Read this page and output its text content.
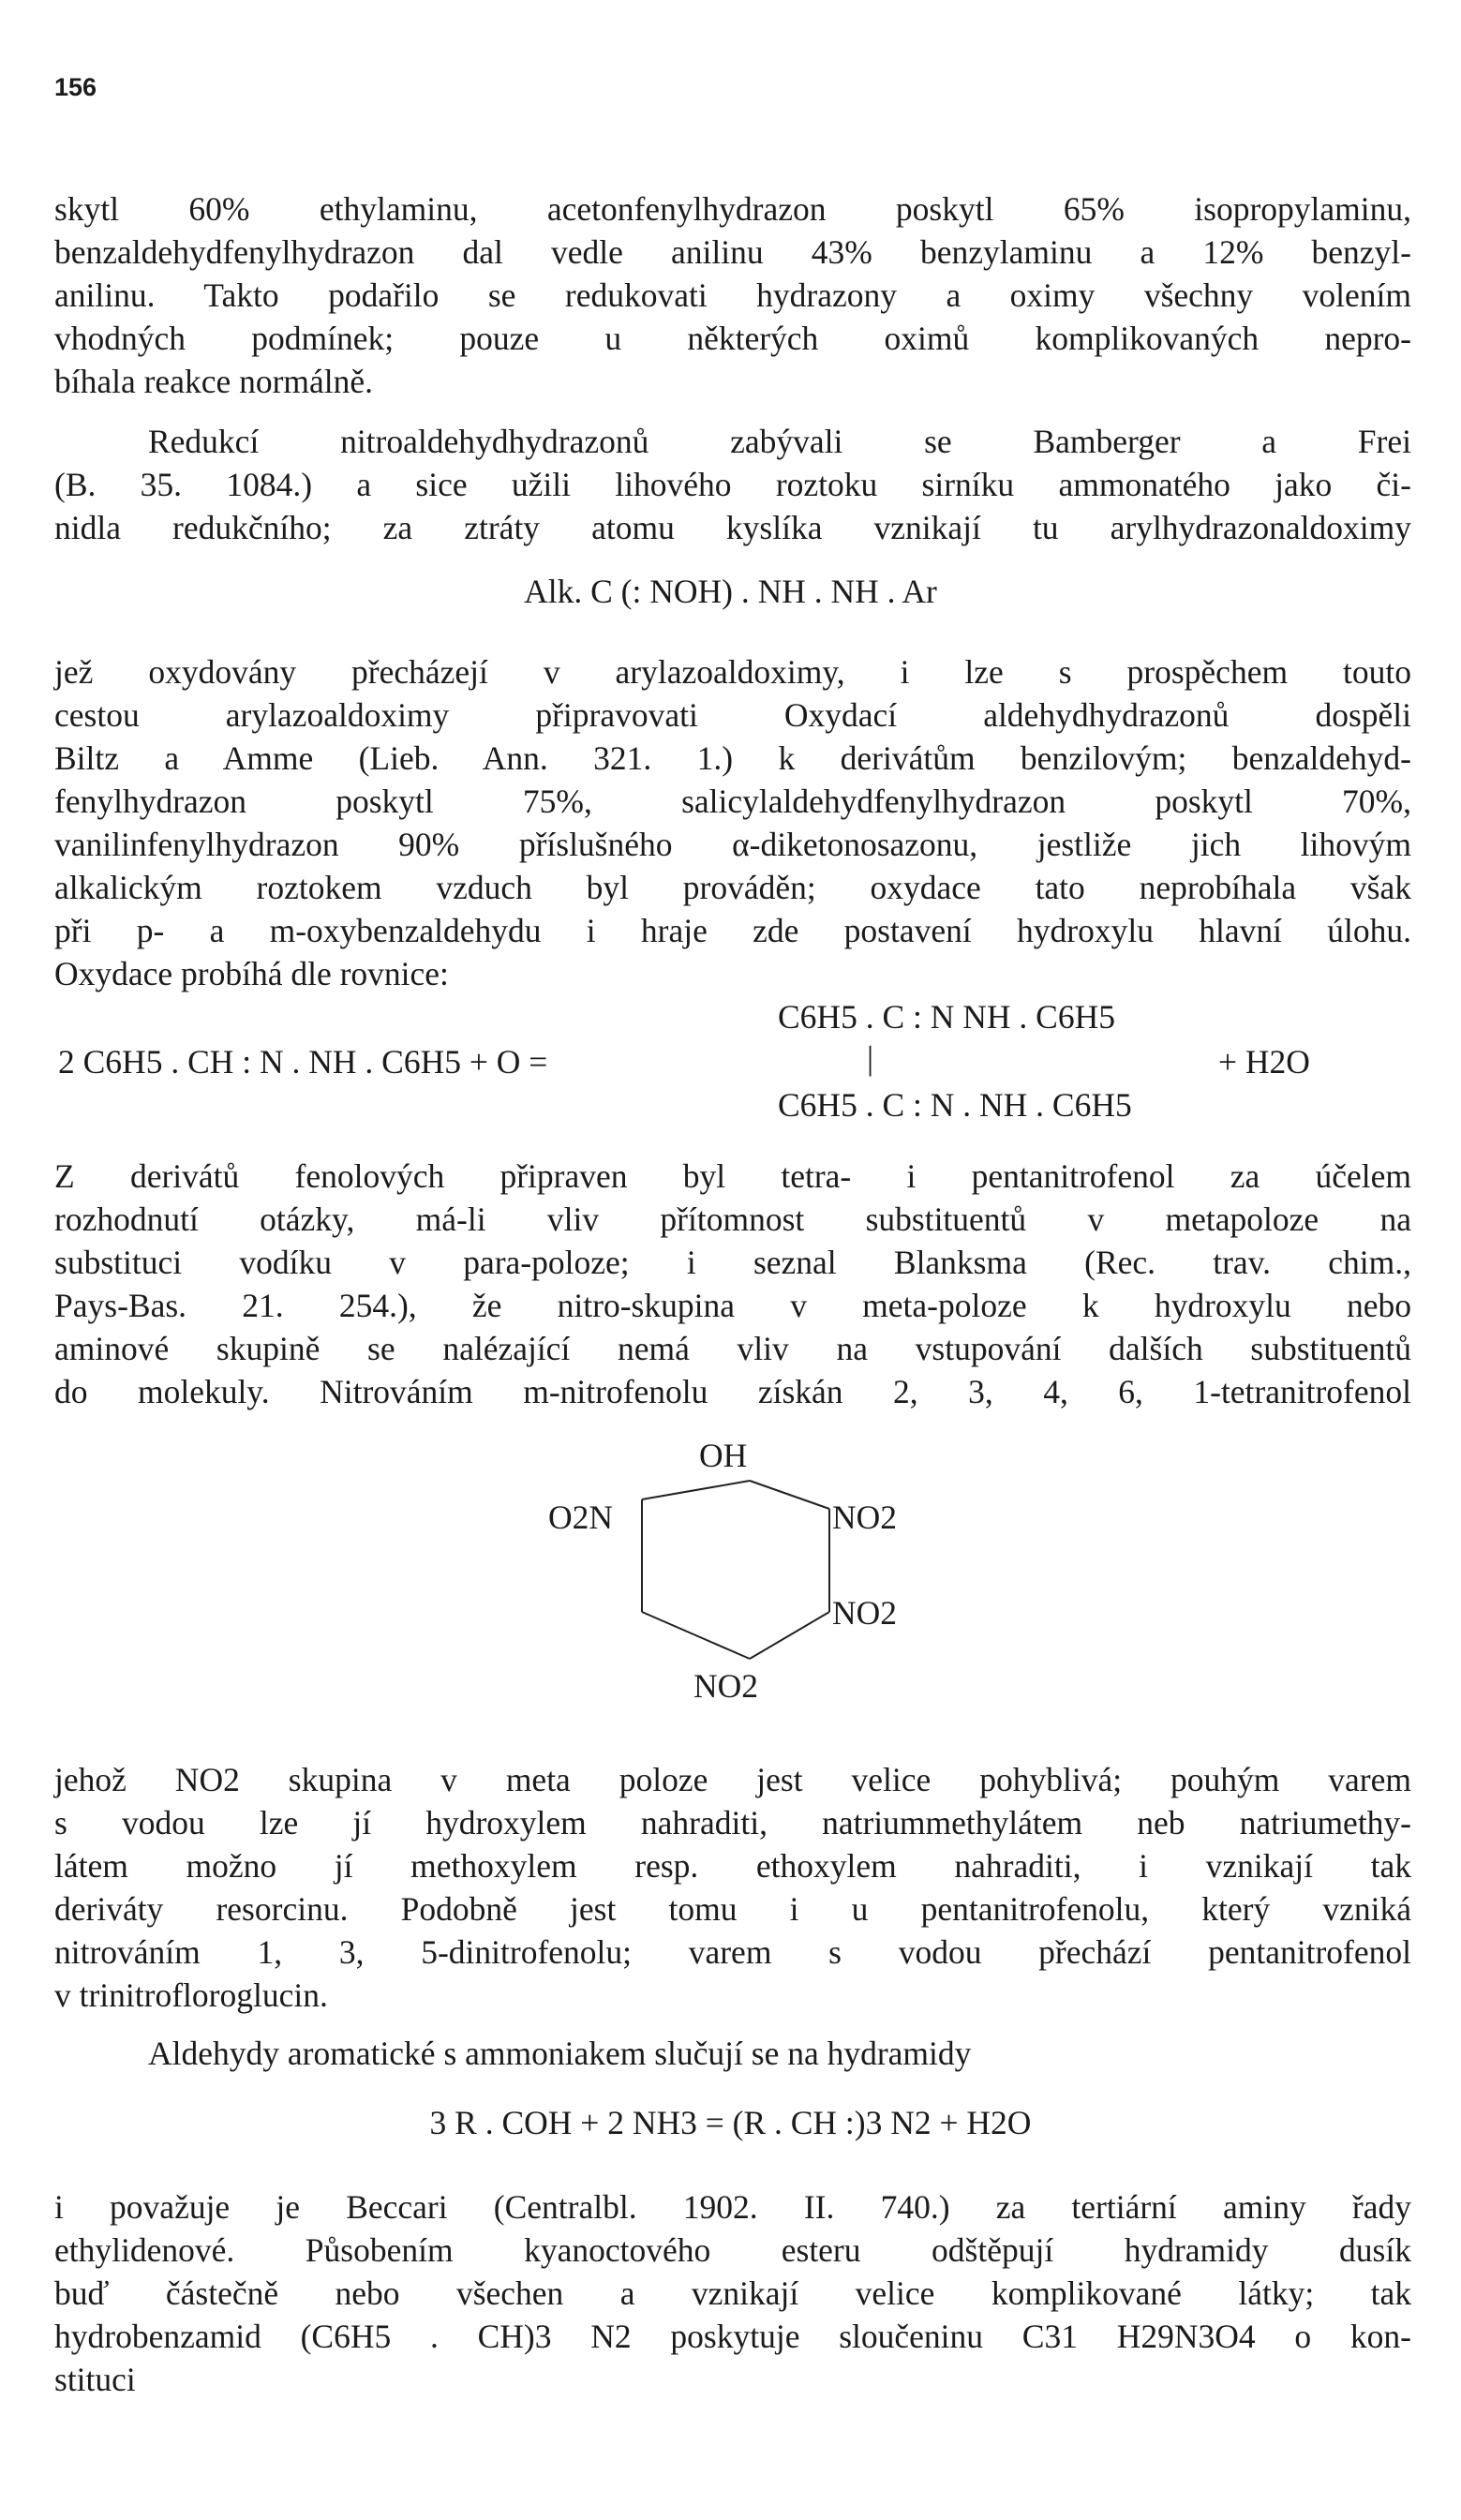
156
skytl 60% ethylaminu, acetonfenylhydrazon poskytl 65% isopropylaminu,
benzaldehydfenylhydrazon dal vedle anilinu 43% benzylaminu a 12% benzyl-
anilinu. Takto podařilo se redukovati hydrazony a oximy všechny volením
vhodných podmínek; pouze u některých oximů komplikovaných nepro-
bíhala reakce normálně.
Redukcí nitroaldehydhydrazonů zabývali se Bamberger a Frei
(B. 35. 1084.) a sice užili lihového roztoku sirníku ammonatého jako či-
nidla redukčního; za ztráty atomu kyslíka vznikají tu arylhydrazonaldoximy
Alk. C (: NOH) . NH . NH . Ar
jež oxydovány přecházejí v arylazoaldoximy, i lze s prospěchem touto
cestou arylazoaldoximy připravovati Oxydací aldehydhydrazonů dospěli
Biltz a Amme (Lieb. Ann. 321. 1.) k derivátům benzilovým; benzaldehyd-
fenylhydrazon poskytl 75%, salicylaldehydfenylhydrazon poskytl 70%,
vanilinfenylhydrazon 90% příslušného α-diketonosazonu, jestliže jich lihovým
alkalickým roztokem vzduch byl prováděn; oxydace tato neprobíhala však
při p- a m-oxybenzaldehydu i hraje zde postavení hydroxylu hlavní úlohu.
Oxydace probíhá dle rovnice:
C6H5 . C : N NH . C6H5
2 C6H5 . CH : N . NH . C6H5 + O =	|	+ H2O
C6H5 . C : N . NH . C6H5
Z derivátů fenolových připraven byl tetra- i pentanitrofenol za účelem
rozhodnutí otázky, má-li vliv přítomnost substituentů v metapoloze na
substituci vodíku v para-poloze; i seznal Blanksma (Rec. trav. chim.,
Pays-Bas. 21. 254.), že nitro-skupina v meta-poloze k hydroxylu nebo
aminové skupině se nalézající nemá vliv na vstupování dalších substituentů
do molekuly. Nitrováním m-nitrofenolu získán 2, 3, 4, 6, 1-tetranitrofenol
OH
O2N	NO2
NO2
NO2
jehož NO2 skupina v meta poloze jest velice pohyblivá; pouhým varem
s vodou lze jí hydroxylem nahraditi, natriummethylátem neb natriumethy-
látem možno jí methoxylem resp. ethoxylem nahraditi, i vznikají tak
deriváty resorcinu. Podobně jest tomu i u pentanitrofenolu, který vzniká
nitrováním 1, 3, 5-dinitrofenolu; varem s vodou přechází pentanitrofenol
v trinitrofloroglucin.
Aldehydy aromatické s ammoniakem slučují se na hydramidy
3 R . COH + 2 NH3 = (R . CH :)3 N2 + H2O
i považuje je Beccari (Centralbl. 1902. II. 740.) za tertiární aminy řady
ethylidenové. Působením kyanoctového esteru odštěpují hydramidy dusík
buď částečně nebo všechen a vznikají velice komplikované látky; tak
hydrobenzamid (C6H5 . CH)3 N2 poskytuje sloučeninu C31 H29N3O4 o kon-
stituci
